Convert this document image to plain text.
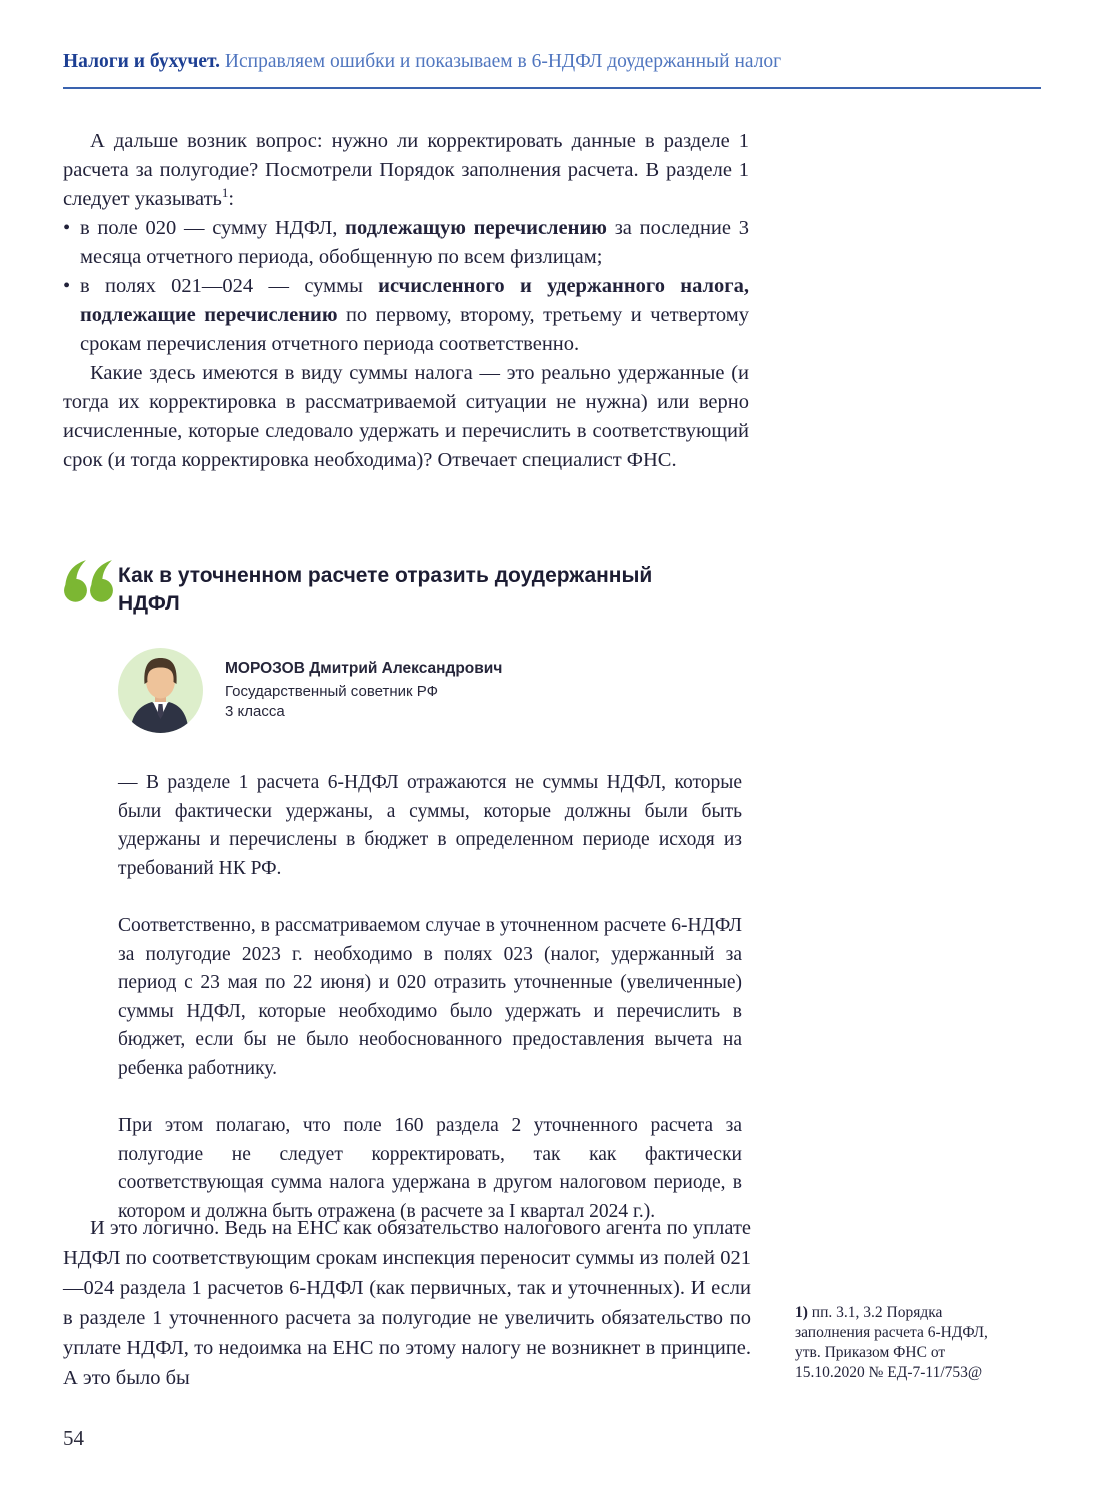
Налоги и бухучет. Исправляем ошибки и показываем в 6-НДФЛ доудержанный налог

А дальше возник вопрос: нужно ли корректировать данные в разделе 1 расчета за полугодие? Посмотрели Порядок заполнения расчета. В разделе 1 следует указывать$^1$:

• в поле 020 — сумму НДФЛ, подлежащую перечислению за последние 3 месяца отчетного периода, обобщенную по всем физлицам;
• в полях 021—024 — суммы исчисленного и удержанного налога, подлежащие перечислению по первому, второму, третьему и четвертому срокам перечисления отчетного периода соответственно.

Какие здесь имеются в виду суммы налога — это реально удержанные (и тогда их корректировка в рассматриваемой ситуации не нужна) или верно исчисленные, которые следовало удержать и перечислить в соответствующий срок (и тогда корректировка необходима)? Отвечает специалист ФНС.

Как в уточненном расчете отразить доудержанный НДФЛ
МОРОЗОВ Дмитрий Александрович
Государственный советник РФ
3 класса

— В разделе 1 расчета 6-НДФЛ отражаются не суммы НДФЛ, которые были фактически удержаны, а суммы, которые должны были быть удержаны и перечислены в бюджет в определенном периоде исходя из требований НК РФ.

Соответственно, в рассматриваемом случае в уточненном расчете 6-НДФЛ за полугодие 2023 г. необходимо в полях 023 (налог, удержанный за период с 23 мая по 22 июня) и 020 отразить уточненные (увеличенные) суммы НДФЛ, которые необходимо было удержать и перечислить в бюджет, если бы не было необоснованного предоставления вычета на ребенка работнику.

При этом полагаю, что поле 160 раздела 2 уточненного расчета за полугодие не следует корректировать, так как фактически соответствующая сумма налога удержана в другом налоговом периоде, в котором и должна быть отражена (в расчете за I квартал 2024 г.).

И это логично. Ведь на ЕНС как обязательство налогового агента по уплате НДФЛ по соответствующим срокам инспекция переносит суммы из полей 021—024 раздела 1 расчетов 6-НДФЛ (как первичных, так и уточненных). И если в разделе 1 уточненного расчета за полугодие не увеличить обязательство по уплате НДФЛ, то недоимка на ЕНС по этому налогу не возникнет в принципе. А это было бы

1) пп. 3.1, 3.2 Порядка заполнения расчета 6-НДФЛ, утв. Приказом ФНС от 15.10.2020 № ЕД-7-11/753@
54
